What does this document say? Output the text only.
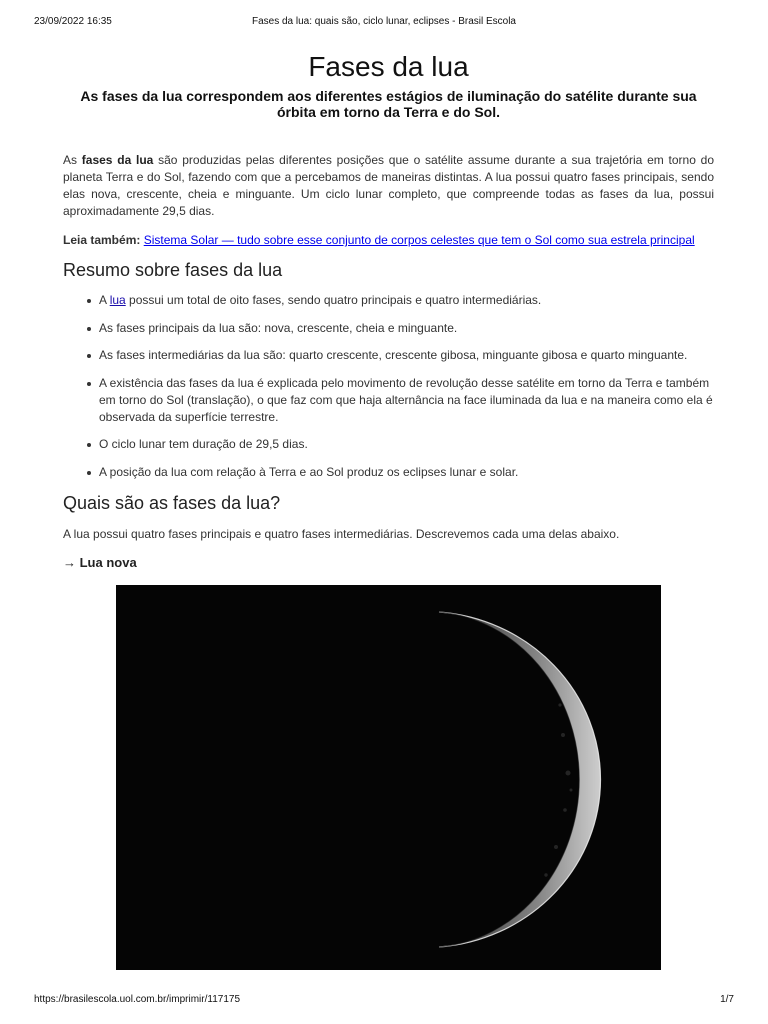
23/09/2022 16:35	Fases da lua: quais são, ciclo lunar, eclipses - Brasil Escola
Fases da lua

As fases da lua correspondem aos diferentes estágios de iluminação do satélite durante sua órbita em torno da Terra e do Sol.

As fases da lua são produzidas pelas diferentes posições que o satélite assume durante a sua trajetória em torno do planeta Terra e do Sol, fazendo com que a percebamos de maneiras distintas. A lua possui quatro fases principais, sendo elas nova, crescente, cheia e minguante. Um ciclo lunar completo, que compreende todas as fases da lua, possui aproximadamente 29,5 dias.

Leia também: Sistema Solar — tudo sobre esse conjunto de corpos celestes que tem o Sol como sua estrela principal

Resumo sobre fases da lua
A lua possui um total de oito fases, sendo quatro principais e quatro intermediárias.
As fases principais da lua são: nova, crescente, cheia e minguante.
As fases intermediárias da lua são: quarto crescente, crescente gibosa, minguante gibosa e quarto minguante.
A existência das fases da lua é explicada pelo movimento de revolução desse satélite em torno da Terra e também em torno do Sol (translação), o que faz com que haja alternância na face iluminada da lua e na maneira como ela é observada da superfície terrestre.
O ciclo lunar tem duração de 29,5 dias.
A posição da lua com relação à Terra e ao Sol produz os eclipses lunar e solar.
Quais são as fases da lua?

A lua possui quatro fases principais e quatro fases intermediárias. Descrevemos cada uma delas abaixo.

→ Lua nova

https://brasilescola.uol.com.br/imprimir/117175	1/7
